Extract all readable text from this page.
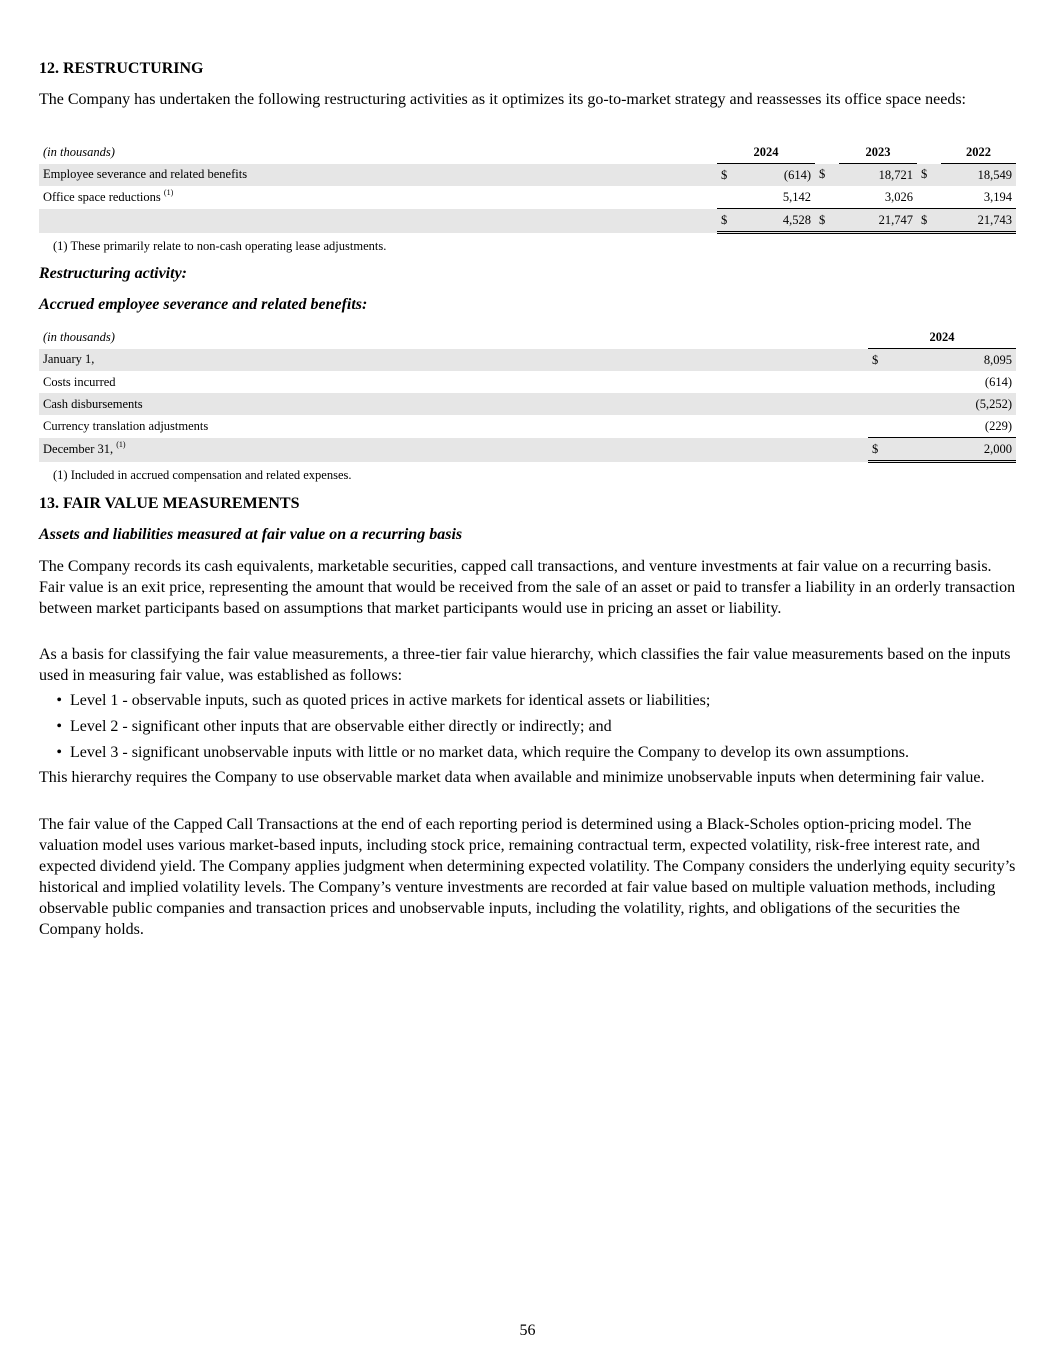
12. RESTRUCTURING

The Company has undertaken the following restructuring activities as it optimizes its go-to-market strategy and reassesses its office space needs:

(in thousands)	2024			2023		2022
Employee severance and related benefits	$	(614)	$	18,721	$	18,549
Office space reductions $^{(1)}$		5,142		3,026		3,194
	$	4,528	$	21,747	$	21,743

(1) These primarily relate to non-cash operating lease adjustments.

Restructuring activity:
Accrued employee severance and related benefits:
(in thousands)	2024	
January 1,	$	8,095
Costs incurred		(614)
Cash disbursements		(5,252)
Currency translation adjustments		(229)
December 31, $^{(1)}$	$	2,000

(1) Included in accrued compensation and related expenses.

13. FAIR VALUE MEASUREMENTS
Assets and liabilities measured at fair value on a recurring basis

The Company records its cash equivalents, marketable securities, capped call transactions, and venture investments at fair value on a recurring basis. Fair value is an exit price, representing the amount that would be received from the sale of an asset or paid to transfer a liability in an orderly transaction between market participants based on assumptions that market participants would use in pricing an asset or liability.

As a basis for classifying the fair value measurements, a three-tier fair value hierarchy, which classifies the fair value measurements based on the inputs used in measuring fair value, was established as follows:

• Level 1 - observable inputs, such as quoted prices in active markets for identical assets or liabilities;
• Level 2 - significant other inputs that are observable either directly or indirectly; and
• Level 3 - significant unobservable inputs with little or no market data, which require the Company to develop its own assumptions.

This hierarchy requires the Company to use observable market data when available and minimize unobservable inputs when determining fair value.

The fair value of the Capped Call Transactions at the end of each reporting period is determined using a Black-Scholes option-pricing model. The valuation model uses various market-based inputs, including stock price, remaining contractual term, expected volatility, risk-free interest rate, and expected dividend yield. The Company applies judgment when determining expected volatility. The Company considers the underlying equity security’s historical and implied volatility levels. The Company’s venture investments are recorded at fair value based on multiple valuation methods, including observable public companies and transaction prices and unobservable inputs, including the volatility, rights, and obligations of the securities the Company holds.

56
